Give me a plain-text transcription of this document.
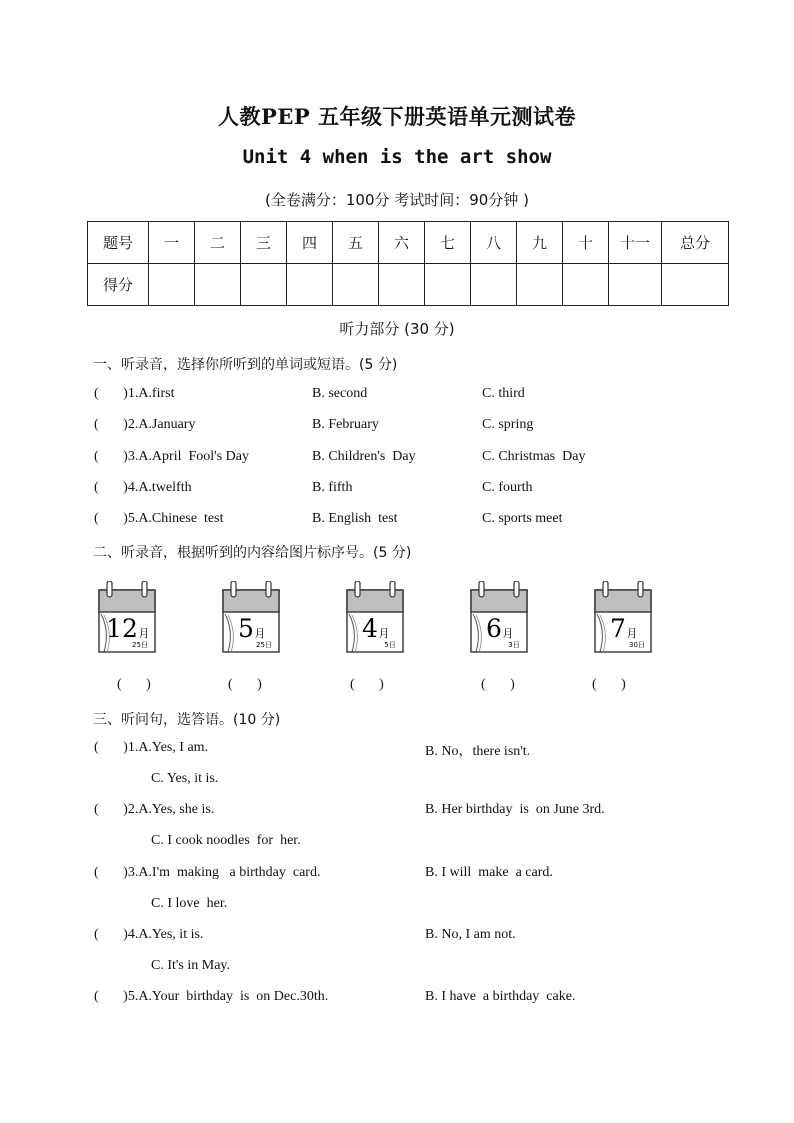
人教PEP 五年级下册英语单元测试卷
Unit 4 when is the art show
(全卷满分：100分 考试时间：90分钟 )
题号	一	二	三	四	五	六	七	八	九	十	十一	总分
得分												
听力部分 (30 分)
一、听录音，选择你所听到的单词或短语。(5 分)
(       )1.A.first	B. second	C. third
(       )2.A.January	B. February	C. spring
(       )3.A.April  Fool's Day	B. Children's  Day	C. Christmas  Day
(       )4.A.twelfth	B. fifth	C. fourth
(       )5.A.Chinese  test	B. English  test	C. sports meet
二、听录音，根据听到的内容给图片标序号。(5 分)
12 月
25日
5 月
25日
4 月
5日
6 月
3日
7 月
30日
(       )	(       )	(       )	(       )	(       )
三、听问句，选答语。(10 分)
(       )1.A.Yes, I am.	B. No，there isn't.
C. Yes, it is.
(       )2.A.Yes, she is.	B. Her birthday  is  on June 3rd.
C. I cook noodles  for  her.
(       )3.A.I'm  making   a birthday  card.	B. I will  make  a card.
C. I love  her.
(       )4.A.Yes, it is.	B. No, I am not.
C. It's in May.
(       )5.A.Your  birthday  is  on Dec.30th.	B. I have  a birthday  cake.
